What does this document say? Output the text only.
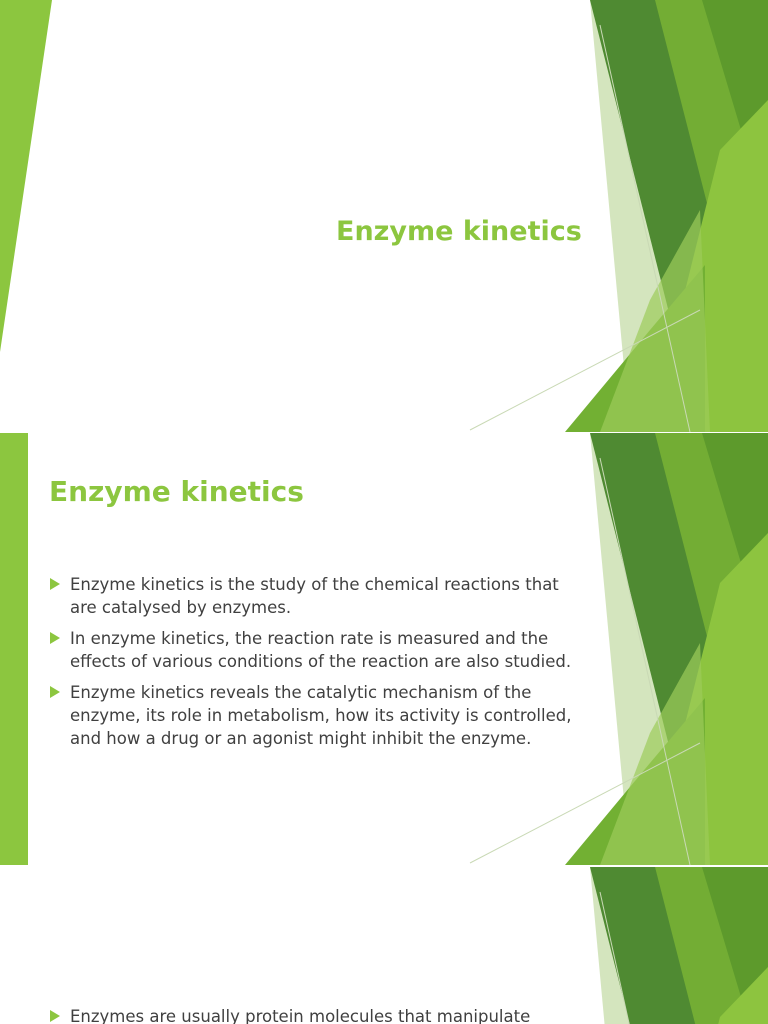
Enzyme kinetics
Enzyme kinetics
Enzyme kinetics is the study of the chemical reactions that are catalysed by enzymes.
In enzyme kinetics, the reaction rate is measured and the effects of various conditions of the reaction are also studied.
Enzyme kinetics reveals the catalytic mechanism of the enzyme, its role in metabolism, how its activity is controlled, and how a drug or an agonist might inhibit the enzyme.
Enzymes are usually protein molecules that manipulate
